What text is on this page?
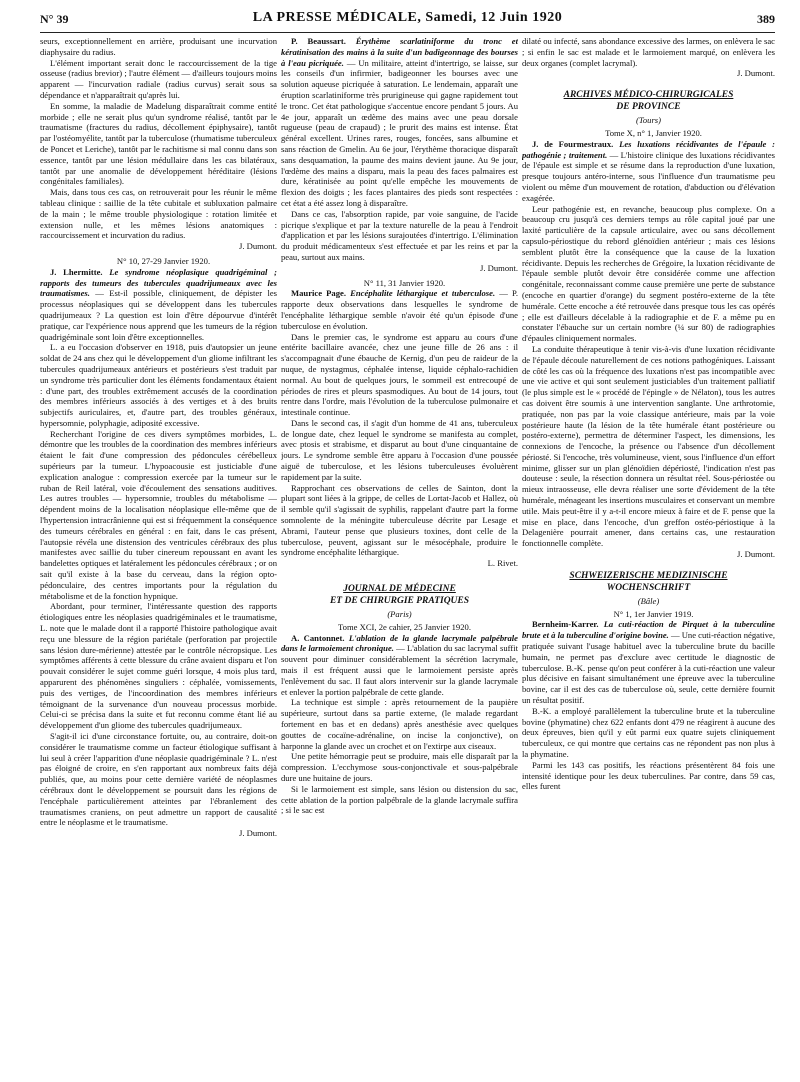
N° 39	LA PRESSE MÉDICALE, Samedi, 12 Juin 1920	389

seurs, exceptionnellement en arrière, produisant une incurvation diaphysaire du radius.

L'élément important serait donc le raccourcissement de la tige osseuse (radius brevior) ; l'autre élément — d'ailleurs toujours moins apparent — l'incurvation radiale (radius curvus) serait sous sa dépendance et n'apparaîtrait qu'après lui.

En somme, la maladie de Madelung disparaîtrait comme entité morbide ; elle ne serait plus qu'un syndrome réalisé, tantôt par le traumatisme (fractures du radius, décollement épiphysaire), tantôt par l'ostéomyélite, tantôt par la tuberculose (rhumatisme tuberculeux de Poncet et Leriche), tantôt par le rachitisme si mal connu dans son essence, tantôt par une lésion médullaire dans les cas bilatéraux, tantôt par une anomalie de développement héréditaire (lésions congénitales familiales).

Mais, dans tous ces cas, on retrouverait pour les réunir le même tableau clinique : saillie de la tête cubitale et subluxation palmaire de la main ; le même trouble physiologique : rotation limitée et extension nulle, et les mêmes lésions anatomiques : raccourcissement et incurvation du radius.

J. Dumont.

N° 10, 27-29 Janvier 1920.

J. Lhermitte. Le syndrome néoplasique quadrigéminal ; rapports des tumeurs des tubercules quadrijumeaux avec les traumatismes. — Est-il possible, cliniquement, de dépister les processus néoplasiques qui se développent dans les tubercules quadrijumeaux ? La question est loin d'être dépourvue d'intérêt pratique, car l'expérience nous apprend que les tumeurs de la région quadrigéminale sont loin d'être exceptionnelles.

L. a eu l'occasion d'observer en 1918, puis d'autopsier un jeune soldat de 24 ans chez qui le développement d'un gliome infiltrant les tubercules quadrijumeaux antérieurs et postérieurs s'est traduit par un syndrome très particulier dont les éléments fondamentaux étaient : d'une part, des troubles extrêmement accusés de la coordination des membres inférieurs associés à des vertiges et à des bruits subjectifs auriculaires, et, d'autre part, des troubles généraux, hypersomnie, polyphagie, adiposité excessive.

Recherchant l'origine de ces divers symptômes morbides, L. démontre que les troubles de la coordination des membres inférieurs étaient le fait d'une compression des pédoncules cérébelleux supérieurs par la tumeur. L'hypoacousie est justiciable d'une explication analogue : compression exercée par la tumeur sur le ruban de Reil latéral, voie d'écoulement des sensations auditives. Les autres troubles — hypersomnie, troubles du métabolisme — dépendent moins de la localisation néoplasique elle-même que de l'hypertension intracrânienne qui est si fréquemment la conséquence des tumeurs cérébrales en général : en fait, dans le cas présent, l'autopsie révéla une distension des ventricules cérébraux des plus manifestes avec saillie du tuber cinereum repoussant en avant les bandelettes optiques et latéralement les pédoncules cérébraux ; or on sait qu'il existe à la base du cerveau, dans la région opto-pédonculaire, des centres importants pour la régulation du métabolisme et de la fonction hypnique.

Abordant, pour terminer, l'intéressante question des rapports étiologiques entre les néoplasies quadrigéminales et le traumatisme, L. note que le malade dont il a rapporté l'histoire pathologique avait reçu une blessure de la région pariétale (perforation par projectile sans lésion dure-mérienne) attestée par le contrôle nécropsique. Les symptômes afférents à cette blessure du crâne avaient disparu et l'on pouvait considérer le sujet comme guéri lorsque, 4 mois plus tard, apparurent des phénomènes singuliers : céphalée, vomissements, puis des vertiges, de l'incoordination des membres inférieurs témoignant de la survenance d'un nouveau processus morbide. Celui-ci se précisa dans la suite et fut reconnu comme étant lié au développement d'un gliome des tubercules quadrijumeaux.

S'agit-il ici d'une circonstance fortuite, ou, au contraire, doit-on considérer le traumatisme comme un facteur étiologique suffisant à lui seul à créer l'apparition d'une néoplasie quadrigéminale ? L. n'est pas éloigné de croire, en s'en rapportant aux nombreux faits déjà publiés, que, au moins pour cette dernière variété de néoplasmes cérébraux dont le développement se poursuit dans les régions de l'encéphale particulièrement atteintes par l'ébranlement des traumatismes craniens, on peut admettre un rapport de causalité entre le néoplasme et le traumatisme.

J. Dumont.

P. Beaussart. Érythème scarlatiniforme du tronc et kératinisation des mains à la suite d'un badigeonnage des bourses à l'eau picriquée. — Un militaire, atteint d'intertrigo, se laisse, sur les conseils d'un infirmier, badigeonner les bourses avec une solution aqueuse picriquée à saturation. Le lendemain, apparaît une éruption scarlatiniforme très prurigineuse qui gagne rapidement tout le tronc. Cet état pathologique s'accentue encore pendant 5 jours. Au 4e jour, apparaît un œdème des mains avec une peau dorsale rugueuse (peau de crapaud) ; le prurit des mains est intense. État général excellent. Urines rares, rouges, foncées, sans albumine et sans réaction de Gmelin. Au 6e jour, l'érythème thoracique disparaît sans desquamation, la paume des mains devient jaune. Au 9e jour, l'œdème des mains a disparu, mais la peau des faces palmaires est dure, kératinisée au point qu'elle empêche les mouvements de flexion des doigts ; les faces plantaires des pieds sont respectées : cet état a été assez long à disparaître.

Dans ce cas, l'absorption rapide, par voie sanguine, de l'acide picrique s'explique et par la texture naturelle de la peau à l'endroit d'application et par les lésions surajoutées d'intertrigo. L'élimination du produit médicamenteux s'est effectuée et par les reins et par la peau, surtout aux mains.

J. Dumont.

N° 11, 31 Janvier 1920.

Maurice Page. Encéphalite léthargique et tuberculose. — P. rapporte deux observations dans lesquelles le syndrome de l'encéphalite léthargique semble n'avoir été qu'un épisode d'une tuberculose en évolution.

Dans le premier cas, le syndrome est apparu au cours d'une entérite bacillaire avancée, chez une jeune fille de 26 ans : il s'accompagnait d'une ébauche de Kernig, d'un peu de raideur de la nuque, de nystagmus, céphalée intense, liquide céphalo-rachidien normal. Au bout de quelques jours, le sommeil est entrecoupé de périodes de rires et pleurs spasmodiques. Au bout de 14 jours, tout rentre dans l'ordre, mais l'évolution de la tuberculose pulmonaire et intestinale continue.

Dans le second cas, il s'agit d'un homme de 41 ans, tuberculeux de longue date, chez lequel le syndrome se manifesta au complet, avec ptosis et strabisme, et disparut au bout d'une cinquantaine de jours. Le syndrome semble être apparu à l'occasion d'une poussée aiguë de tuberculose, et les lésions tuberculeuses évoluèrent rapidement par la suite.

Rapprochant ces observations de celles de Sainton, dont la plupart sont liées à la grippe, de celles de Lortat-Jacob et Hallez, où il semble qu'il s'agissait de syphilis, rappelant d'autre part la forme somnolente de la méningite tuberculeuse décrite par Lesage et Abrami, l'auteur pense que plusieurs toxines, dont celle de la tuberculose, peuvent, agissant sur le mésocéphale, produire le syndrome encéphalite léthargique.

L. Rivet.

JOURNAL DE MÉDECINE
ET DE CHIRURGIE PRATIQUES
(Paris)

Tome XCI, 2e cahier, 25 Janvier 1920.

A. Cantonnet. L'ablation de la glande lacrymale palpébrale dans le larmoiement chronique. — L'ablation du sac lacrymal suffit souvent pour diminuer considérablement la sécrétion lacrymale, mais il est fréquent aussi que le larmoiement persiste après l'enlèvement du sac. Il faut alors intervenir sur la glande lacrymale et enlever la portion palpébrale de cette glande.

La technique est simple : après retournement de la paupière supérieure, surtout dans sa partie externe, (le malade regardant fortement en bas et en dedans) après anesthésie avec quelques gouttes de cocaïne-adrénaline, on incise la conjonctive), on harponne la glande avec un crochet et on l'extirpe aux ciseaux.

Une petite hémorragie peut se produire, mais elle disparaît par la compression. L'ecchymose sous-conjonctivale et sous-palpébrale dure une huitaine de jours.

Si le larmoiement est simple, sans lésion ou distension du sac, cette ablation de la portion palpébrale de la glande lacrymale suffira ; si le sac est

dilaté ou infecté, sans abondance excessive des larmes, on enlèvera le sac ; si enfin le sac est malade et le larmoiement marqué, on enlèvera les deux organes (complet lacrymal).

J. Dumont.

ARCHIVES MÉDICO-CHIRURGICALES
DE PROVINCE
(Tours)

Tome X, n° 1, Janvier 1920.

J. de Fourmestraux. Les luxations récidivantes de l'épaule : pathogénie ; traitement. — L'histoire clinique des luxations récidivantes de l'épaule est simple et se résume dans la reproduction d'une luxation, presque toujours antéro-interne, sous l'influence d'un traumatisme peu violent ou même d'un mouvement de rotation, d'abduction ou d'élévation exagérée.

Leur pathogénie est, en revanche, beaucoup plus complexe. On a beaucoup cru jusqu'à ces derniers temps au rôle capital joué par une laxité particulière de la capsule articulaire, avec ou sans décollement capsulo-périostique du rebord glénoïdien antérieur ; mais ces lésions semblent plutôt être la conséquence que la cause de la luxation récidivante. Depuis les recherches de Grégoire, la luxation récidivante de l'épaule semble plutôt devoir être considérée comme une affection congénitale, reconnaissant comme cause première une perte de substance (encoche en quartier d'orange) du segment postéro-externe de la tête humérale. Cette encoche a été retrouvée dans presque tous les cas opérés ; elle est d'ailleurs décelable à la radiographie et de F. a même pu en constater l'ébauche sur un certain nombre (¼ sur 80) de radiographies d'épaules cliniquement normales.

La conduite thérapeutique à tenir vis-à-vis d'une luxation récidivante de l'épaule découle naturellement de ces notions pathogéniques. Laissant de côté les cas où la fréquence des luxations n'est pas incompatible avec une vie active et qui sont seulement justiciables d'un traitement palliatif (le plus simple est le « procédé de l'épingle » de Nélaton), tous les autres cas doivent être soumis à une intervention sanglante. Une arthrotomie, pratiquée, non pas par la voie classique antérieure, mais par la voie postérieure haute (la lésion de la tête humérale étant postérieure ou postéro-externe), permettra de déterminer l'aspect, les dimensions, les connexions de l'encoche, la présence ou l'absence d'un décollement périosté. Si l'encoche, très volumineuse, vient, sous l'influence d'un effort minime, glisser sur un plan glénoïdien dépériosté, l'indication n'est pas douteuse : seule, la résection donnera un résultat réel. Sous-périostée ou mieux intraosseuse, elle devra réaliser une sorte d'évidement de la tête humérale, ménageant les insertions musculaires et conservant un membre utile. Mais peut-être il y a-t-il encore mieux à faire et de F. pense que la mise en place, dans l'encoche, d'un greffon ostéo-périostique à la Delagenière pourrait amener, dans certains cas, une restauration fonctionnelle complète.

J. Dumont.

SCHWEIZERISCHE MEDIZINISCHE
WOCHENSCHRIFT
(Bâle)

N° 1, 1er Janvier 1919.

Bernheim-Karrer. La cuti-réaction de Pirquet à la tuberculine brute et à la tuberculine d'origine bovine. — Une cuti-réaction négative, pratiquée suivant l'usage habituel avec la tuberculine brute du bacille humain, ne permet pas d'exclure avec certitude le diagnostic de tuberculose. B.-K. pense qu'on peut conférer à la cuti-réaction une valeur plus décisive en faisant simultanément une épreuve avec la tuberculine bovine, car il est des cas de tuberculose où, seule, cette dernière fournit un résultat positif.

B.-K. a employé parallèlement la tuberculine brute et la tuberculine bovine (phymatine) chez 622 enfants dont 479 ne réagirent à aucune des deux épreuves, bien qu'il y eût parmi eux quatre sujets cliniquement tuberculeux, ce qui montre que certains cas ne répondent pas non plus à la phymatine.

Parmi les 143 cas positifs, les réactions présentèrent 84 fois une intensité identique pour les deux tuberculines. Par contre, dans 59 cas, elles furent
